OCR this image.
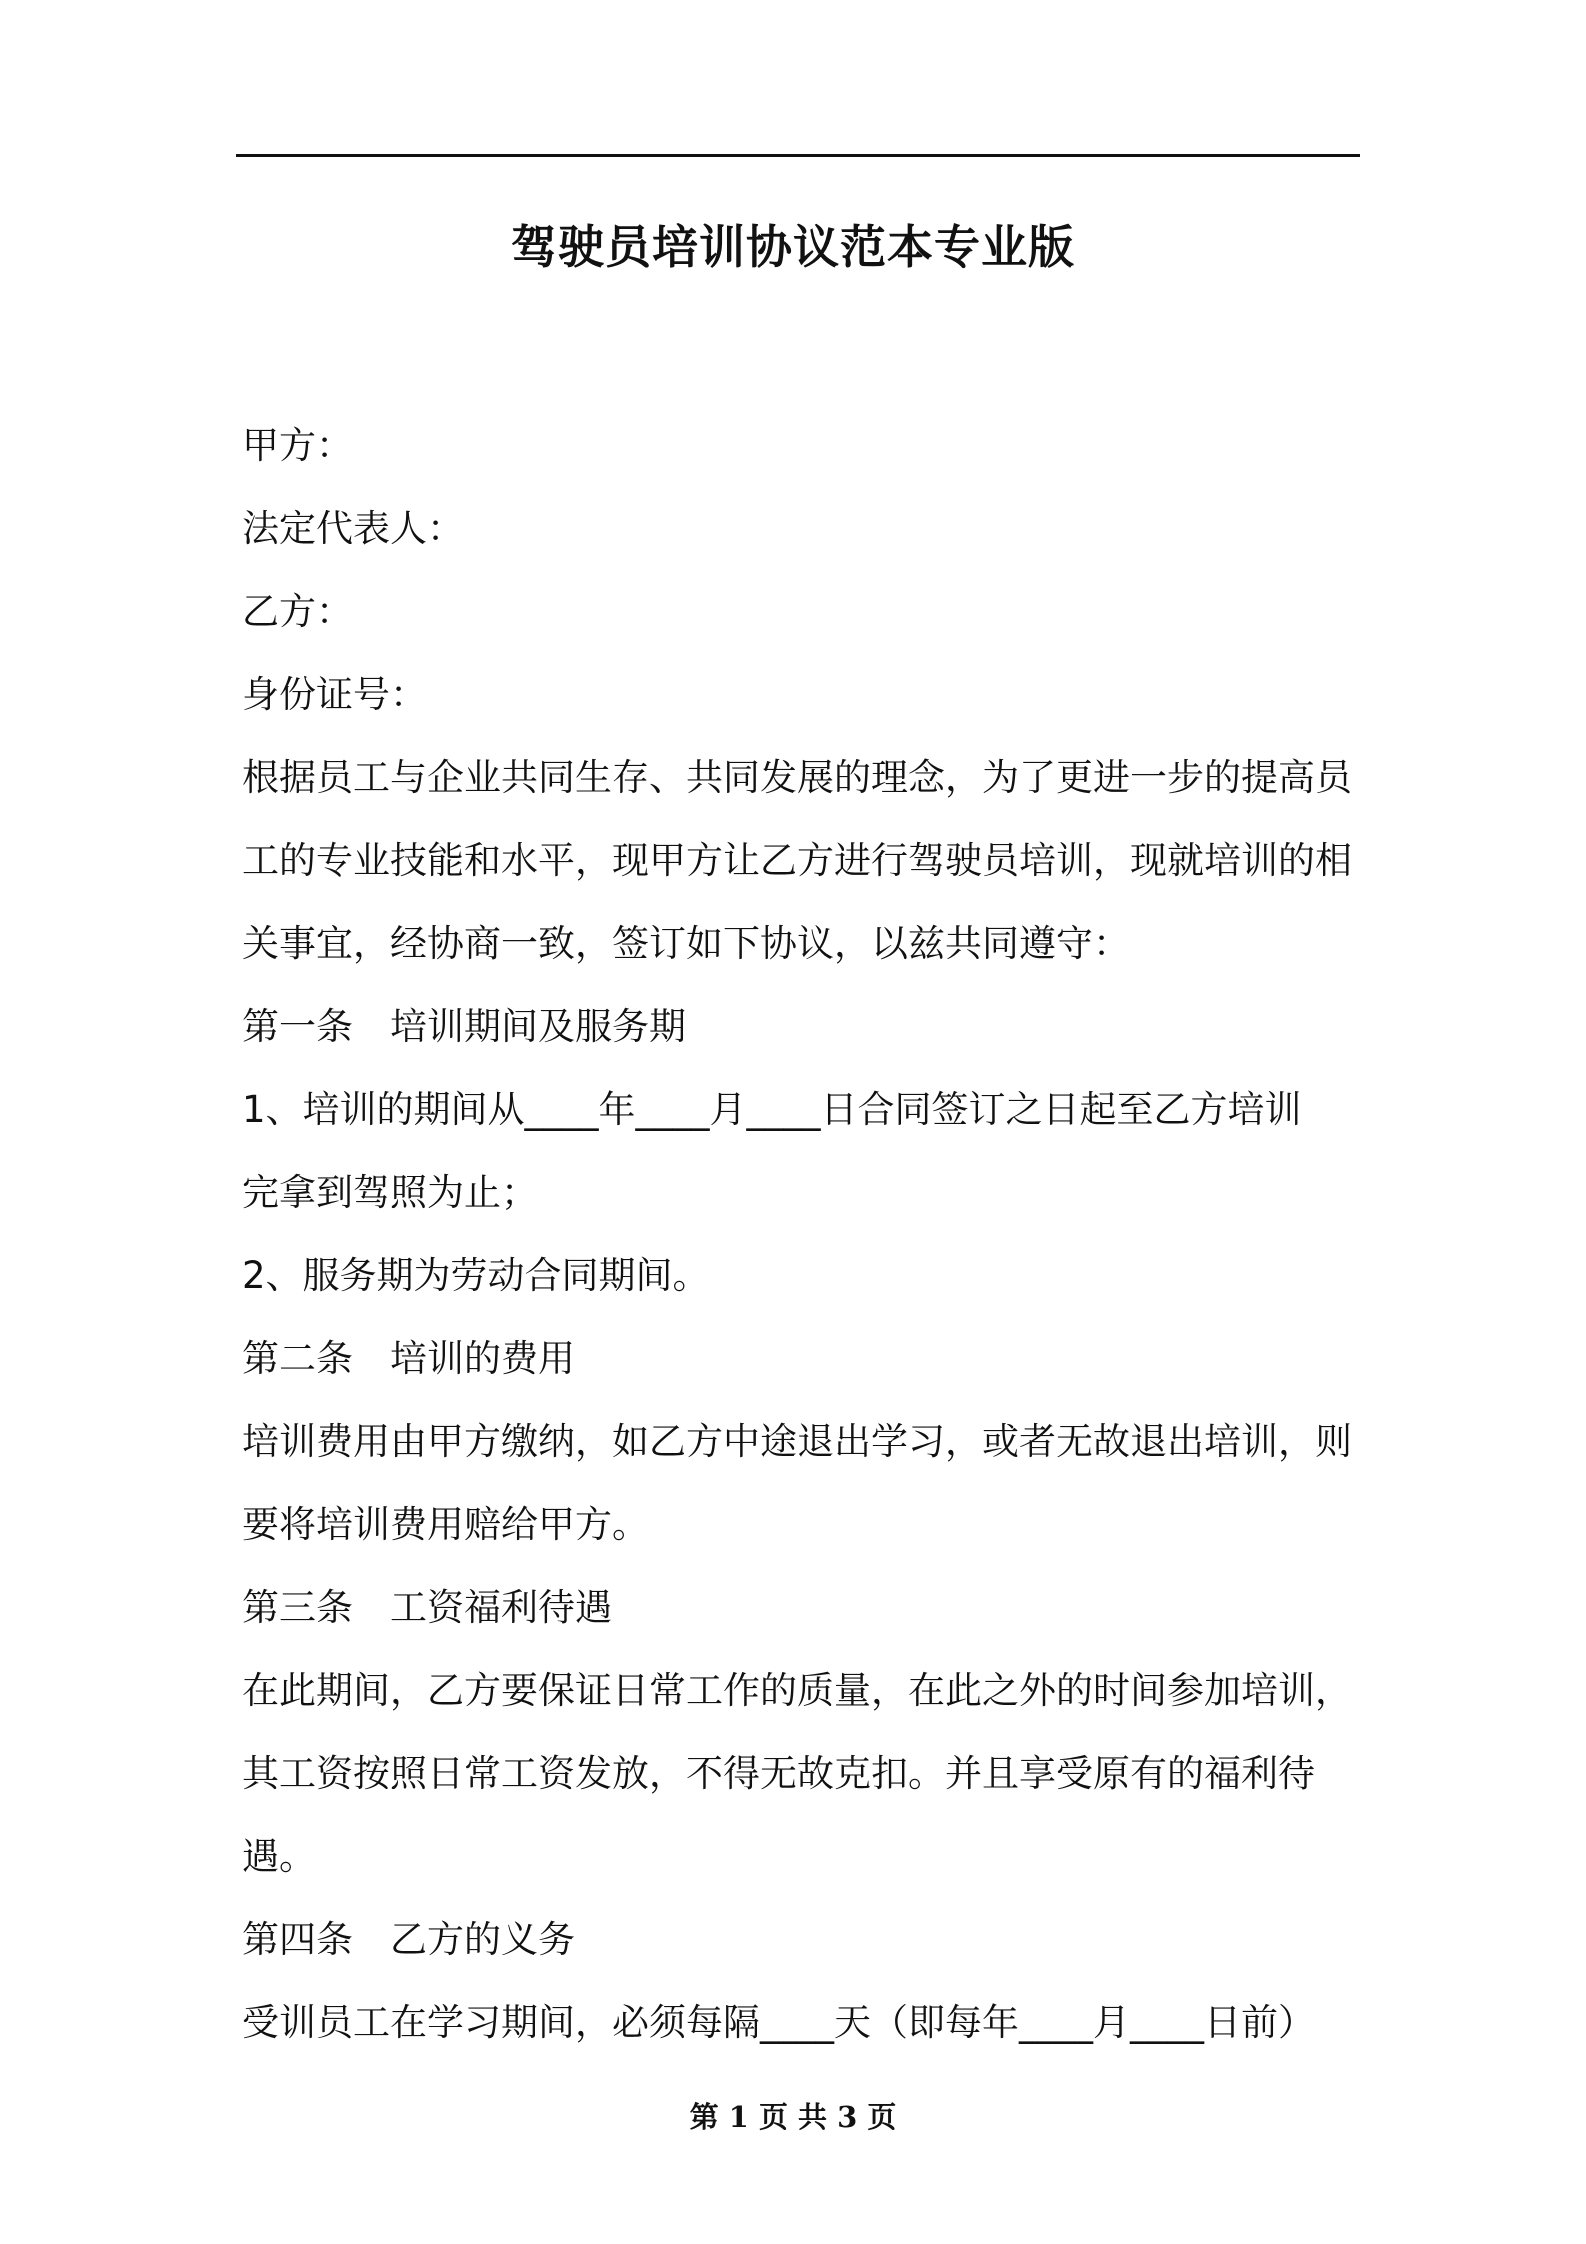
驾驶员培训协议范本专业版

甲方：

法定代表人：

乙方：

身份证号：

根据员工与企业共同生存、共同发展的理念，为了更进一步的提高员

工的专业技能和水平，现甲方让乙方进行驾驶员培训，现就培训的相

关事宜，经协商一致，签订如下协议，以兹共同遵守：

第一条　培训期间及服务期

1、培训的期间从____年____月____日合同签订之日起至乙方培训

完拿到驾照为止；

2、服务期为劳动合同期间。

第二条　培训的费用

培训费用由甲方缴纳，如乙方中途退出学习，或者无故退出培训，则

要将培训费用赔给甲方。

第三条　工资福利待遇

在此期间，乙方要保证日常工作的质量，在此之外的时间参加培训，

其工资按照日常工资发放，不得无故克扣。并且享受原有的福利待遇。

第四条　乙方的义务

受训员工在学习期间，必须每隔____天（即每年____月____日前）

第 1 页 共 3 页
